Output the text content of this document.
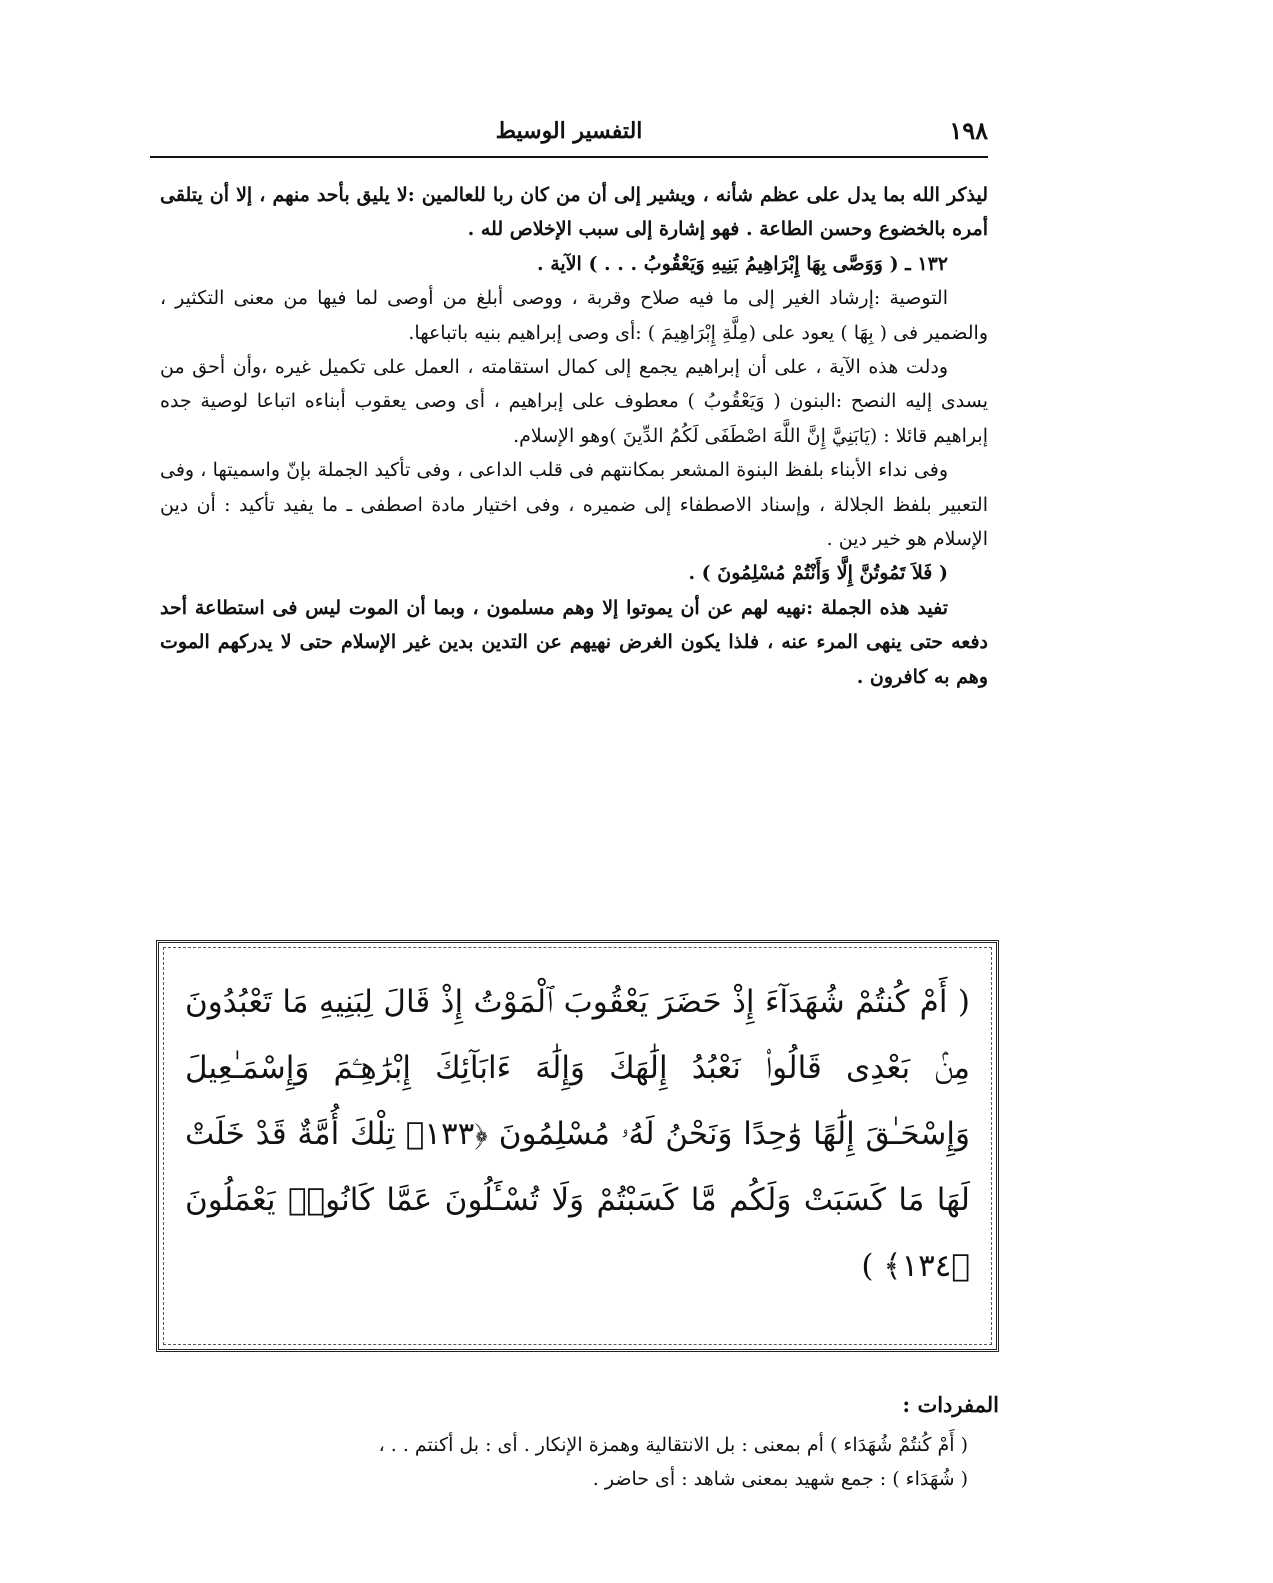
١٩٨
التفسير الوسيط

ليذكر الله بما يدل على عظم شأنه ، ويشير إلى أن من كان ربا للعالمين :لا يليق بأحد منهم ، إلا أن يتلقى أمره بالخضوع وحسن الطاعة . فهو إشارة إلى سبب الإخلاص لله .

١٣٢ ـ ( وَوَصَّى بِهَا إِبْرَاهِيمُ بَنِيهِ وَيَعْقُوبُ . . . ) الآية .

التوصية :إرشاد الغير إلى ما فيه صلاح وقربة ، ووصى أبلغ من أوصى لما فيها من معنى التكثير ، والضمير فى ( بِهَا ) يعود على (مِلَّةِ إِبْرَاهِيمَ ) :أى وصى إبراهيم بنيه باتباعها.

ودلت هذه الآية ، على أن إبراهيم يجمع إلى كمال استقامته ، العمل على تكميل غيره ،وأن أحق من يسدى إليه النصح :البنون ( وَيَعْقُوبُ ) معطوف على إبراهيم ، أى وصى يعقوب أبناءه اتباعا لوصية جده إبراهيم قائلا : (يَابَنِيَّ إِنَّ اللَّهَ اصْطَفَى لَكُمُ الدِّينَ )وهو الإسلام.

وفى نداء الأبناء بلفظ البنوة المشعر بمكانتهم فى قلب الداعى ، وفى تأكيد الجملة بإنّ واسميتها ، وفى التعبير بلفظ الجلالة ، وإسناد الاصطفاء إلى ضميره ، وفى اختيار مادة اصطفى ـ ما يفيد تأكيد : أن دين الإسلام هو خير دين .

( فَلاَ تَمُوتُنَّ إِلَّا وَأَنْتُمْ مُسْلِمُونَ ) .

تفيد هذه الجملة :نهيه لهم عن أن يموتوا إلا وهم مسلمون ، وبما أن الموت ليس فى استطاعة أحد دفعه حتى ينهى المرء عنه ، فلذا يكون الغرض نهيهم عن التدين بدين غير الإسلام حتى لا يدركهم الموت وهم به كافرون .

( أَمْ كُنتُمْ شُهَدَآءَ إِذْ حَضَرَ يَعْقُوبَ ٱلْمَوْتُ إِذْ قَالَ لِبَنِيهِ مَا تَعْبُدُونَ مِنۢ بَعْدِى قَالُوا۟ نَعْبُدُ إِلَٰهَكَ وَإِلَٰهَ ءَابَآئِكَ إِبْرَٰهِـۧمَ وَإِسْمَـٰعِيلَ وَإِسْحَـٰقَ إِلَٰهًا وَٰحِدًا وَنَحْنُ لَهُۥ مُسْلِمُونَ ﴿١٣٣﴾ تِلْكَ أُمَّةٌ قَدْ خَلَتْ لَهَا مَا كَسَبَتْ وَلَكُم مَّا كَسَبْتُمْ وَلَا تُسْـَٔلُونَ عَمَّا كَانُوا۟ يَعْمَلُونَ ﴿١٣٤﴾ )

المفردات :

( أَمْ كُنتُمْ شُهَدَاء ) أم بمعنى : بل الانتقالية وهمزة الإنكار . أى : بل أكنتم . . ،

( شُهَدَاء ) : جمع شهيد بمعنى شاهد : أى حاضر .
